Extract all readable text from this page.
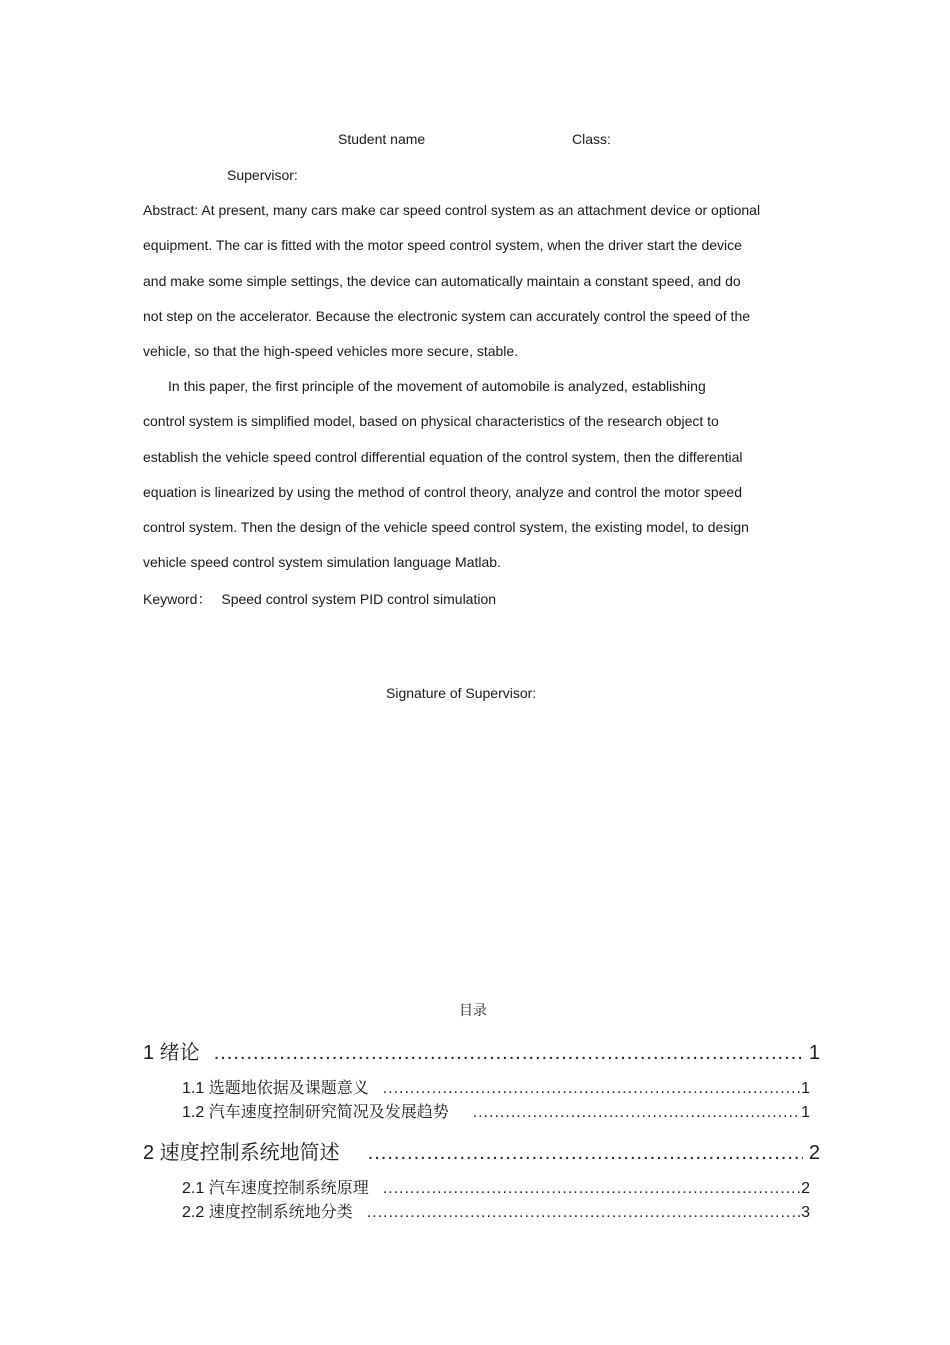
Student name	Class:
Supervisor:
Abstract: At present, many cars make car speed control system as an attachment device or optional
equipment. The car is fitted with the motor speed control system, when the driver start the device
and make some simple settings, the device can automatically maintain a constant speed, and do
not step on the accelerator. Because the electronic system can accurately control the speed of the
vehicle, so that the high-speed vehicles more secure, stable.
In this paper, the first principle of the movement of automobile is analyzed, establishing
control system is simplified model, based on physical characteristics of the research object to
establish the vehicle speed control differential equation of the control system, then the differential
equation is linearized by using the method of control theory, analyze and control the motor speed
control system. Then the design of the vehicle speed control system, the existing model, to design
vehicle speed control system simulation language Matlab.
Keyword： Speed control system PID control simulation
Signature of Supervisor:
目录
1 绪论 .....	1
1.1 选题地依据及课题意义 .....	1
1.2 汽车速度控制研究简况及发展趋势 .....	1
2 速度控制系统地简述 .....	2
2.1 汽车速度控制系统原理 .....	2
2.2 速度控制系统地分类 .....	3
